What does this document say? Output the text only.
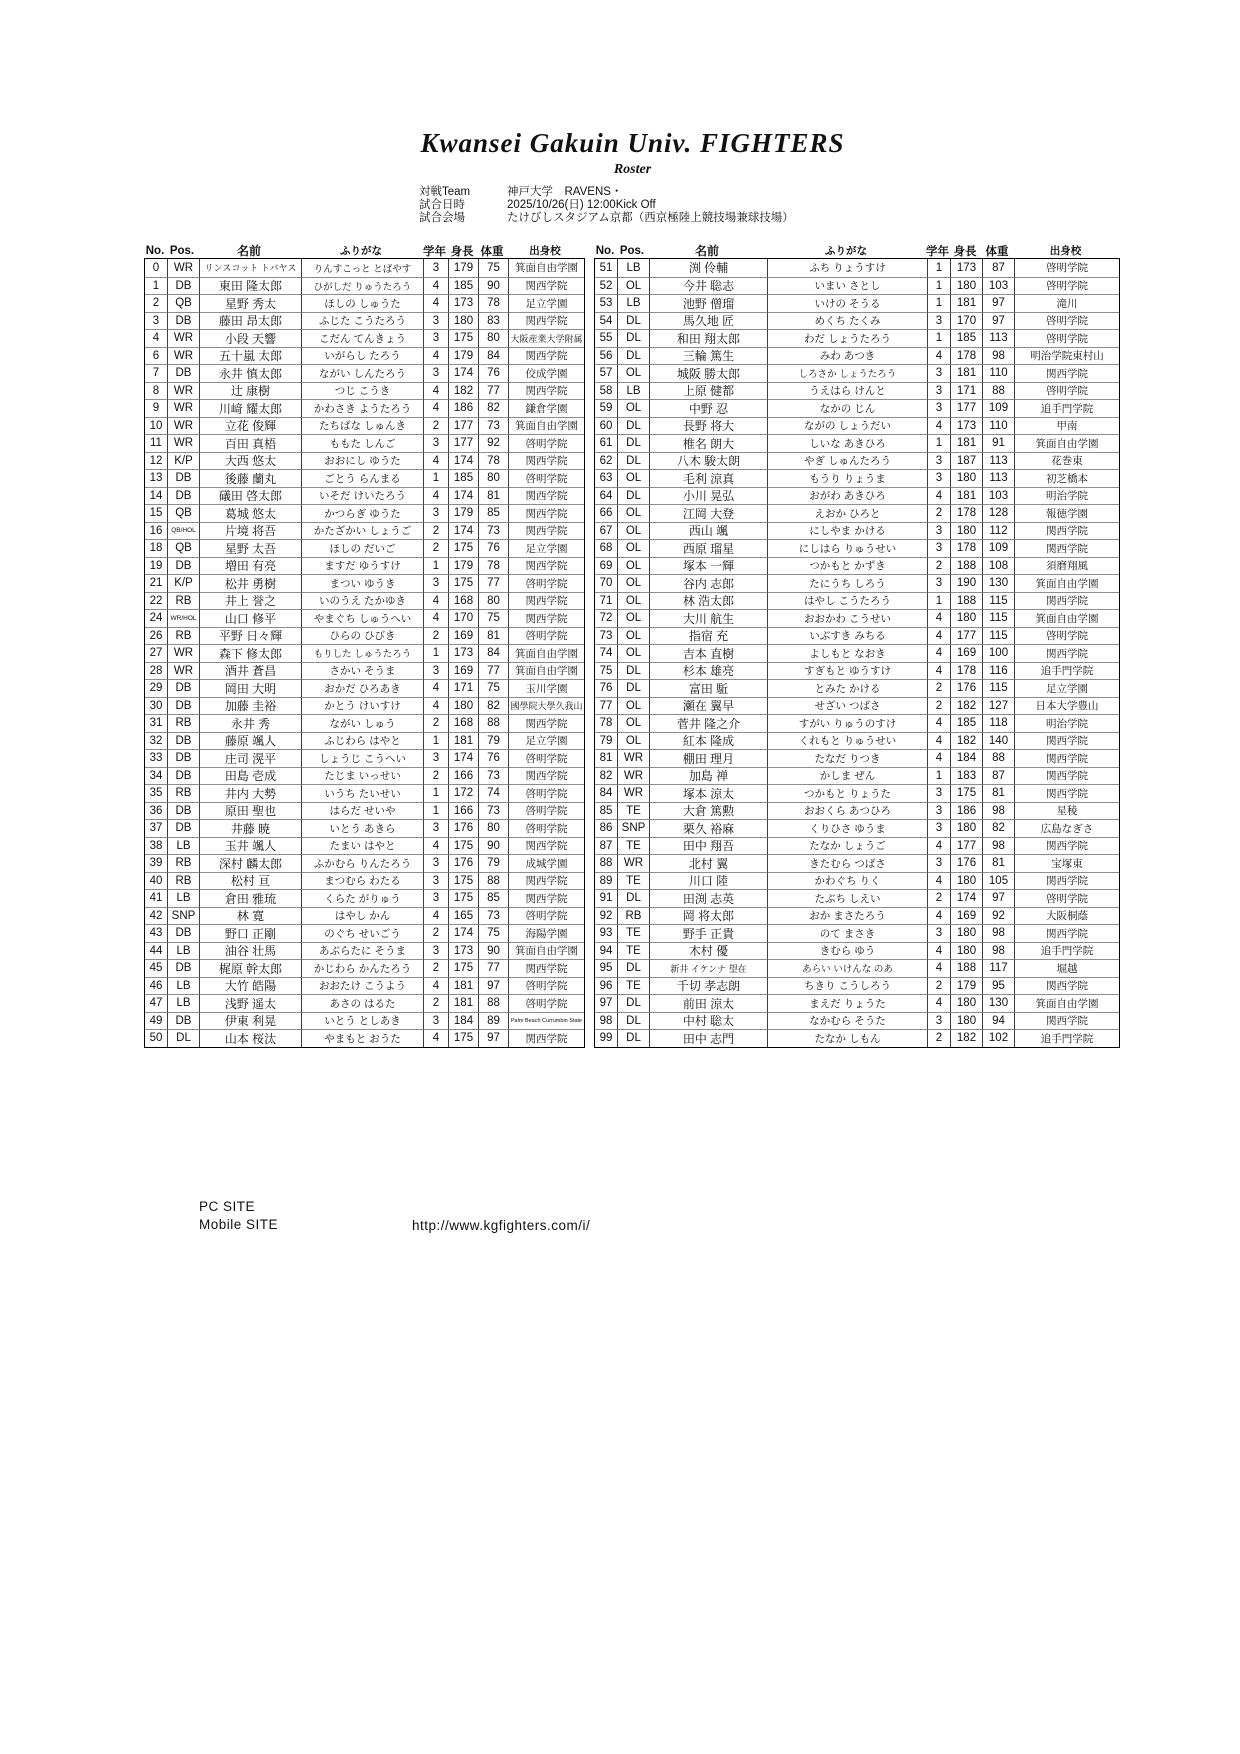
Kwansei Gakuin Univ. FIGHTERS
Roster
対戦Team	神戸大学　RAVENS・
試合日時	2025/10/26(日) 12:00Kick Off
試合会場	たけびしスタジアム京都（西京極陸上競技場兼球技場）
No. Pos.	名前	ふりがな	学年 身長 体重	出身校
0	WR	リンスコット トバヤス	りんすこっと とばやす	3	179	75	箕面自由学園
1	DB	東田 隆太郎	ひがしだ りゅうたろう	4	185	90	関西学院
2	QB	星野 秀太	ほしの しゅうた	4	173	78	足立学園
3	DB	藤田 昂太郎	ふじた こうたろう	3	180	83	関西学院
4	WR	小段 天響	こだん てんきょう	3	175	80	大阪産業大学附属
6	WR	五十嵐 太郎	いがらし たろう	4	179	84	関西学院
7	DB	永井 慎太郎	ながい しんたろう	3	174	76	佼成学園
8	WR	辻 康樹	つじ こうき	4	182	77	関西学院
9	WR	川﨑 耀太郎	かわさき ようたろう	4	186	82	鎌倉学園
10	WR	立花 俊輝	たちばな しゅんき	2	177	73	箕面自由学園
11	WR	百田 真梧	ももた しんご	3	177	92	啓明学院
12	K/P	大西 悠太	おおにし ゆうた	4	174	78	関西学院
13	DB	後藤 蘭丸	ごとう らんまる	1	185	80	啓明学院
14	DB	礒田 啓太郎	いそだ けいたろう	4	174	81	関西学院
15	QB	葛城 悠太	かつらぎ ゆうた	3	179	85	関西学院
16	QB/HOL	片境 将吾	かたざかい しょうご	2	174	73	関西学院
18	QB	星野 太吾	ほしの だいご	2	175	76	足立学園
19	DB	増田 有亮	ますだ ゆうすけ	1	179	78	関西学院
21	K/P	松井 勇樹	まつい ゆうき	3	175	77	啓明学院
22	RB	井上 誉之	いのうえ たかゆき	4	168	80	関西学院
24	WR/HOL	山口 修平	やまぐち しゅうへい	4	170	75	関西学院
26	RB	平野 日々輝	ひらの ひびき	2	169	81	啓明学院
27	WR	森下 修太郎	もりした しゅうたろう	1	173	84	箕面自由学園
28	WR	酒井 蒼昌	さかい そうま	3	169	77	箕面自由学園
29	DB	岡田 大明	おかだ ひろあき	4	171	75	玉川学園
30	DB	加藤 圭裕	かとう けいすけ	4	180	82	國學院大學久我山
31	RB	永井 秀	ながい しゅう	2	168	88	関西学院
32	DB	藤原 颯人	ふじわら はやと	1	181	79	足立学園
33	DB	庄司 滉平	しょうじ こうへい	3	174	76	啓明学院
34	DB	田島 壱成	たじま いっせい	2	166	73	関西学院
35	RB	井内 大勢	いうち たいせい	1	172	74	啓明学院
36	DB	原田 聖也	はらだ せいや	1	166	73	啓明学院
37	DB	井藤 暁	いとう あきら	3	176	80	啓明学院
38	LB	玉井 颯人	たまい はやと	4	175	90	関西学院
39	RB	深村 麟太郎	ふかむら りんたろう	3	176	79	成城学園
40	RB	松村 亘	まつむら わたる	3	175	88	関西学院
41	LB	倉田 雅琉	くらた がりゅう	3	175	85	関西学院
42 SNP	林 寛	はやし かん	4	165	73	啓明学院
43	DB	野口 正剛	のぐち せいごう	2	174	75	海陽学園
44	LB	油谷 壮馬	あぶらたに そうま	3	173	90	箕面自由学園
45	DB	梶原 幹太郎	かじわら かんたろう	2	175	77	関西学院
46	LB	大竹 皓陽	おおたけ こうよう	4	181	97	啓明学院
47	LB	浅野 遥太	あさの はるた	2	181	88	啓明学院
49	DB	伊東 利晃	いとう としあき	3	184	89	Palm Beach Currumbin State
50	DL	山本 桜汰	やまもと おうた	4	175	97	関西学院
No. Pos.	名前	ふりがな	学年 身長 体重	出身校
51	LB	渕 伶輔	ふち りょうすけ	1	173	87	啓明学院
52	OL	今井 聡志	いまい さとし	1	180	103	啓明学院
53	LB	池野 僧瑠	いけの そうる	1	181	97	滝川
54	DL	馬久地 匠	めくち たくみ	3	170	97	啓明学院
55	DL	和田 翔太郎	わだ しょうたろう	1	185	113	啓明学院
56	DL	三輪 篤生	みわ あつき	4	178	98	明治学院東村山
57	OL	城阪 勝太郎	しろさか しょうたろう	3	181	110	関西学院
58	LB	上原 健都	うえはら けんと	3	171	88	啓明学院
59	OL	中野 忍	なかの じん	3	177	109	追手門学院
60	DL	長野 将大	ながの しょうだい	4	173	110	甲南
61	DL	椎名 朗大	しいな あきひろ	1	181	91	箕面自由学園
62	DL	八木 駿太朗	やぎ しゅんたろう	3	187	113	花巻東
63	OL	毛利 涼真	もうり りょうま	3	180	113	初芝橋本
64	DL	小川 晃弘	おがわ あきひろ	4	181	103	明治学院
66	OL	江岡 大登	えおか ひろと	2	178	128	報徳学園
67	OL	西山 颯	にしやま かける	3	180	112	関西学院
68	OL	西原 瑠星	にしはら りゅうせい	3	178	109	関西学院
69	OL	塚本 一輝	つかもと かずき	2	188	108	須磨翔風
70	OL	谷内 志郎	たにうち しろう	3	190	130	箕面自由学園
71	OL	林 浩太郎	はやし こうたろう	1	188	115	関西学院
72	OL	大川 航生	おおかわ こうせい	4	180	115	箕面自由学園
73	OL	指宿 充	いぶすき みちる	4	177	115	啓明学院
74	OL	吉本 直樹	よしもと なおき	4	169	100	関西学院
75	DL	杉本 雄亮	すぎもと ゆうすけ	4	178	116	追手門学院
76	DL	富田 駈	とみた かける	2	176	115	足立学園
77	OL	瀬在 翼早	せざい つばさ	2	182	127	日本大学豊山
78	OL	菅井 隆之介	すがい りゅうのすけ	4	185	118	明治学院
79	OL	紅本 隆成	くれもと りゅうせい	4	182	140	関西学院
81	WR	棚田 理月	たなだ りつき	4	184	88	関西学院
82	WR	加島 禅	かしま ぜん	1	183	87	関西学院
84	WR	塚本 涼太	つかもと りょうた	3	175	81	関西学院
85	TE	大倉 篤勲	おおくら あつひろ	3	186	98	星稜
86 SNP	栗久 裕麻	くりひさ ゆうま	3	180	82	広島なぎさ
87	TE	田中 翔吾	たなか しょうご	4	177	98	関西学院
88	WR	北村 翼	きたむら つばさ	3	176	81	宝塚東
89	TE	川口 陸	かわぐち りく	4	180	105	関西学院
91	DL	田渕 志英	たぶち しえい	2	174	97	啓明学院
92	RB	岡 将太郎	おか まさたろう	4	169	92	大阪桐蔭
93	TE	野手 正貴	のて まさき	3	180	98	関西学院
94	TE	木村 優	きむら ゆう	4	180	98	追手門学院
95	DL	新井 イケンナ 望在	あらい いけんな のあ	4	188	117	堀越
96	TE	千切 孝志朗	ちきり こうしろう	2	179	95	関西学院
97	DL	前田 涼太	まえだ りょうた	4	180	130	箕面自由学園
98	DL	中村 聡太	なかむら そうた	3	180	94	関西学院
99	DL	田中 志門	たなか しもん	2	182	102	追手門学院
PC SITE
Mobile SITE	http://www.kgfighters.com/i/
